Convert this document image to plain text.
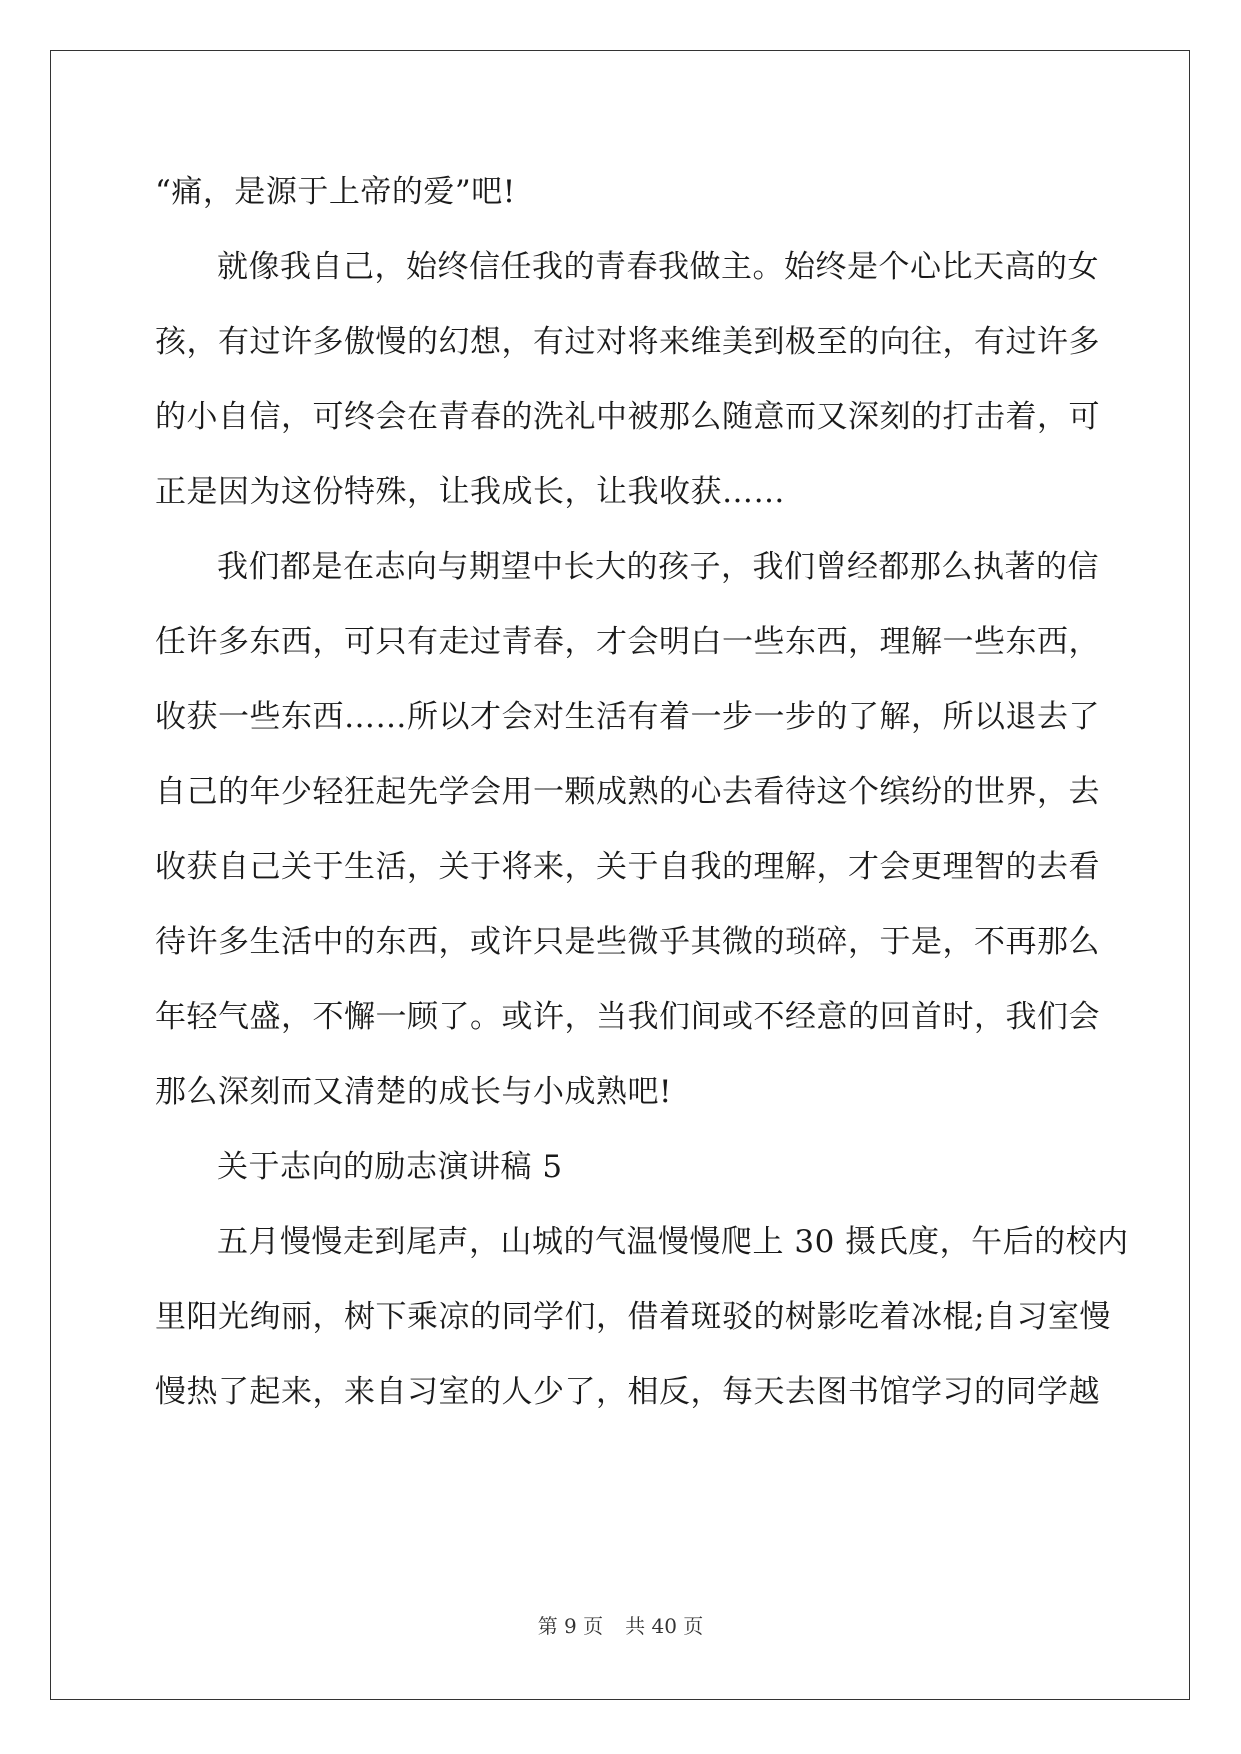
“痛，是源于上帝的爱”吧!
就像我自己，始终信任我的青春我做主。始终是个心比天高的女
孩，有过许多傲慢的幻想，有过对将来维美到极至的向往，有过许多
的小自信，可终会在青春的洗礼中被那么随意而又深刻的打击着，可
正是因为这份特殊，让我成长，让我收获……
我们都是在志向与期望中长大的孩子，我们曾经都那么执著的信
任许多东西，可只有走过青春，才会明白一些东西，理解一些东西，
收获一些东西……所以才会对生活有着一步一步的了解，所以退去了
自己的年少轻狂起先学会用一颗成熟的心去看待这个缤纷的世界，去
收获自己关于生活，关于将来，关于自我的理解，才会更理智的去看
待许多生活中的东西，或许只是些微乎其微的琐碎，于是，不再那么
年轻气盛，不懈一顾了。或许，当我们间或不经意的回首时，我们会
那么深刻而又清楚的成长与小成熟吧!
关于志向的励志演讲稿 5
五月慢慢走到尾声，山城的气温慢慢爬上 30 摄氏度，午后的校内
里阳光绚丽，树下乘凉的同学们，借着斑驳的树影吃着冰棍;自习室慢
慢热了起来，来自习室的人少了，相反，每天去图书馆学习的同学越
第 9 页 共 40 页
